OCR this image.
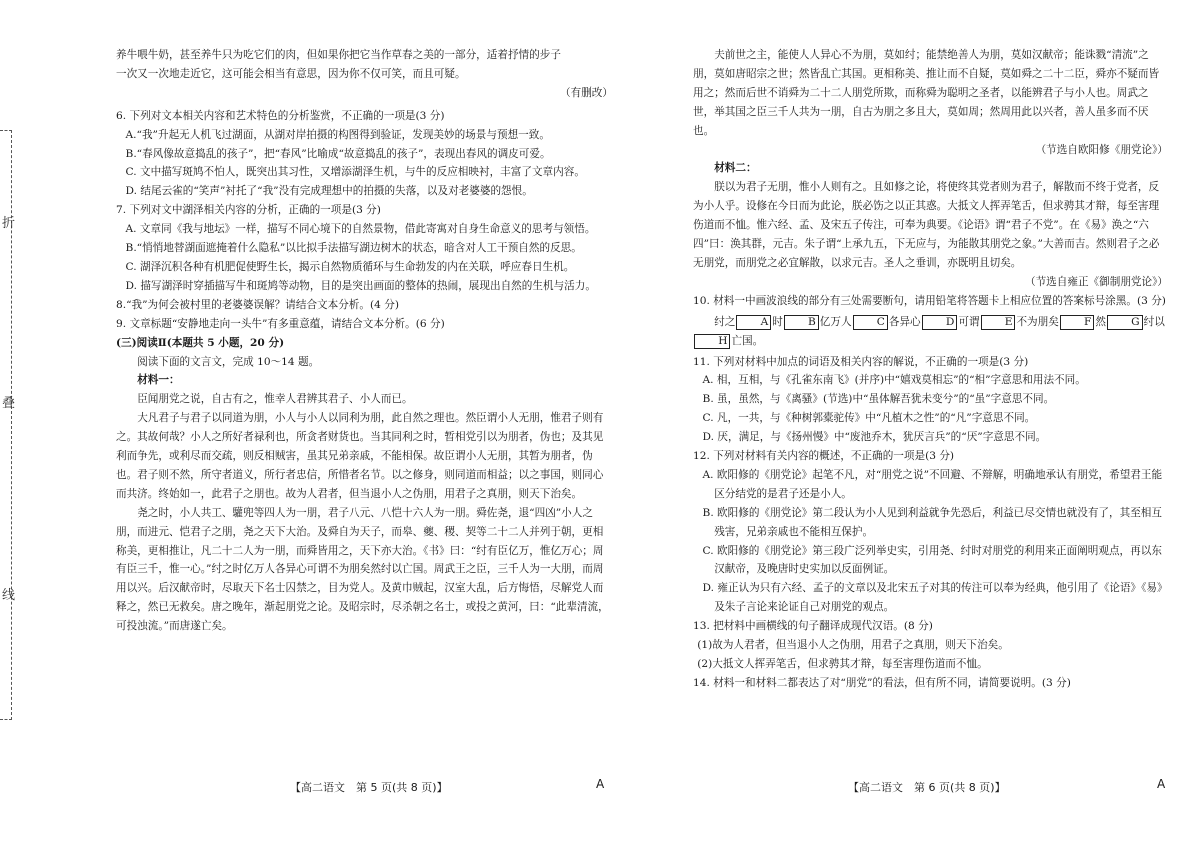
折
叠
线

养牛喂牛奶，甚至养牛只为吃它们的肉，但如果你把它当作草春之美的一部分，适着抒情的步子

一次又一次地走近它，这可能会相当有意思，因为你不仅可笑，而且可疑。

（有删改）

6. 下列对文本相关内容和艺术特色的分析鉴赏，不正确的一项是(3 分)

A.“我”升起无人机飞过湖面，从湖对岸拍摄的构图得到验证，发现美妙的场景与预想一致。

B.“春风像故意捣乱的孩子”，把“春风”比喻成“故意捣乱的孩子”，表现出春风的调皮可爱。

C. 文中描写斑鸠不怕人，既突出其习性，又增添湖泽生机，与牛的反应相映衬，丰富了文章内容。

D. 结尾云雀的“笑声”衬托了“我”没有完成理想中的拍摄的失落，以及对老婆婆的怨恨。

7. 下列对文中湖泽相关内容的分析，正确的一项是(3 分)

A. 文章同《我与地坛》一样，描写不同心境下的自然景物，借此寄寓对自身生命意义的思考与领悟。

B.“悄悄地替湖面遮掩着什么隐私”以比拟手法描写湖边树木的状态，暗含对人工干预自然的反思。

C. 湖泽沉积各种有机肥促使野生长，揭示自然物质循环与生命勃发的内在关联，呼应春日生机。

D. 描写湖泽时穿插描写牛和斑鸠等动物，目的是突出画面的整体的热闹，展现出自然的生机与活力。

8.“我”为何会被村里的老婆婆误解？请结合文本分析。(4 分)

9. 文章标题“安静地走向一头牛”有多重意蕴，请结合文本分析。(6 分)

(三)阅读Ⅱ(本题共 5 小题，20 分)

阅读下面的文言文，完成 10～14 题。

材料一：

臣闻朋党之说，自古有之，惟幸人君辨其君子、小人而已。

大凡君子与君子以同道为朋，小人与小人以同利为朋，此自然之理也。然臣谓小人无朋，惟君子则有之。其故何哉？小人之所好者禄利也，所贪者财货也。当其同利之时，暂相党引以为朋者，伪也；及其见利而争先，或利尽而交疏，则反相贼害，虽其兄弟亲戚，不能相保。故臣谓小人无朋，其暂为朋者，伪也。君子则不然，所守者道义，所行者忠信，所惜者名节。以之修身，则同道而相益；以之事国，则同心而共济。终始如一，此君子之朋也。故为人君者，但当退小人之伪朋，用君子之真朋，则天下治矣。

尧之时，小人共工、驩兜等四人为一朋，君子八元、八恺十六人为一朋。舜佐尧，退“四凶”小人之朋，而进元、恺君子之朋，尧之天下大治。及舜自为天子，而皋、夔、稷、契等二十二人并列于朝，更相称美，更相推让，凡二十二人为一朋，而舜皆用之，天下亦大治。《书》曰：“纣有臣亿万，惟亿万心；周有臣三千，惟一心。”纣之时亿万人各异心可谓不为朋矣然纣以亡国。周武王之臣，三千人为一大朋，而周用以兴。后汉献帝时，尽取天下名士囚禁之，目为党人。及黄巾贼起，汉室大乱，后方悔悟，尽解党人而释之，然已无救矣。唐之晚年，渐起朋党之论。及昭宗时，尽杀朝之名士，或投之黄河，曰：“此辈清流，可投浊流。”而唐遂亡矣。

【高二语文　第 5 页(共 8 页)】	A

夫前世之主，能使人人异心不为朋，莫如纣；能禁绝善人为朋，莫如汉献帝；能诛戮“清流”之朋，莫如唐昭宗之世；然皆乱亡其国。更相称美、推让而不自疑，莫如舜之二十二臣，舜亦不疑而皆用之；然而后世不诮舜为二十二人朋党所欺，而称舜为聪明之圣者，以能辨君子与小人也。周武之世，举其国之臣三千人共为一朋，自古为朋之多且大，莫如周；然周用此以兴者，善人虽多而不厌也。

（节选自欧阳修《朋党论》）

材料二：

朕以为君子无朋，惟小人则有之。且如修之论，将使终其党者则为君子，解散而不终于党者，反为小人乎。设修在今日而为此论，朕必饬之以正其惑。大抵文人挥弄笔舌，但求骋其才辩，每至害理伤道而不恤。惟六经、孟、及宋五子传注，可奉为典要。《论语》谓“君子不党”。在《易》涣之“六四”曰：涣其群，元吉。朱子谓“上承九五，下无应与，为能散其朋党之象。”大善而吉。然则君子之必无朋党，而朋党之必宜解散，以求元吉。圣人之垂训，亦既明且切矣。

（节选自雍正《御制朋党论》）

10. 材料一中画波浪线的部分有三处需要断句，请用铅笔将答题卡上相应位置的答案标号涂黑。(3 分)

纣之 A 时 B 亿万人 C 各异心 D 可谓 E 不为朋矣 F 然 G 纣以H 亡国。

11. 下列对材料中加点的词语及相关内容的解说，不正确的一项是(3 分)

A. 相，互相，与《孔雀东南飞》(并序)中“嬉戏莫相忘”的“相”字意思和用法不同。

B. 虽，虽然，与《离骚》(节选)中“虽体解吾犹未变兮”的“虽”字意思不同。

C. 凡，一共，与《种树郭橐驼传》中“凡植木之性”的“凡”字意思不同。

D. 厌，满足，与《扬州慢》中“废池乔木，犹厌言兵”的“厌”字意思不同。

12. 下列对材料有关内容的概述，不正确的一项是(3 分)

A. 欧阳修的《朋党论》起笔不凡，对“朋党之说”不回避、不辩解，明确地承认有朋党，希望君王能区分结党的是君子还是小人。

B. 欧阳修的《朋党论》第二段认为小人见到利益就争先恐后，利益已尽交情也就没有了，其至相互残害，兄弟亲戚也不能相互保护。

C. 欧阳修的《朋党论》第三段广泛列举史实，引用尧、纣时对朋党的利用来正面阐明观点，再以东汉献帝，及晚唐时史实加以反面例证。

D. 雍正认为只有六经、孟子的文章以及北宋五子对其的传注可以奉为经典，他引用了《论语》《易》及朱子言论来论证自己对朋党的观点。

13. 把材料中画横线的句子翻译成现代汉语。(8 分)

(1)故为人君者，但当退小人之伪朋，用君子之真朋，则天下治矣。

(2)大抵文人挥弄笔舌，但求骋其才辩，每至害理伤道而不恤。

14. 材料一和材料二都表达了对“朋党”的看法，但有所不同，请简要说明。(3 分)

【高二语文　第 6 页(共 8 页)】	A
